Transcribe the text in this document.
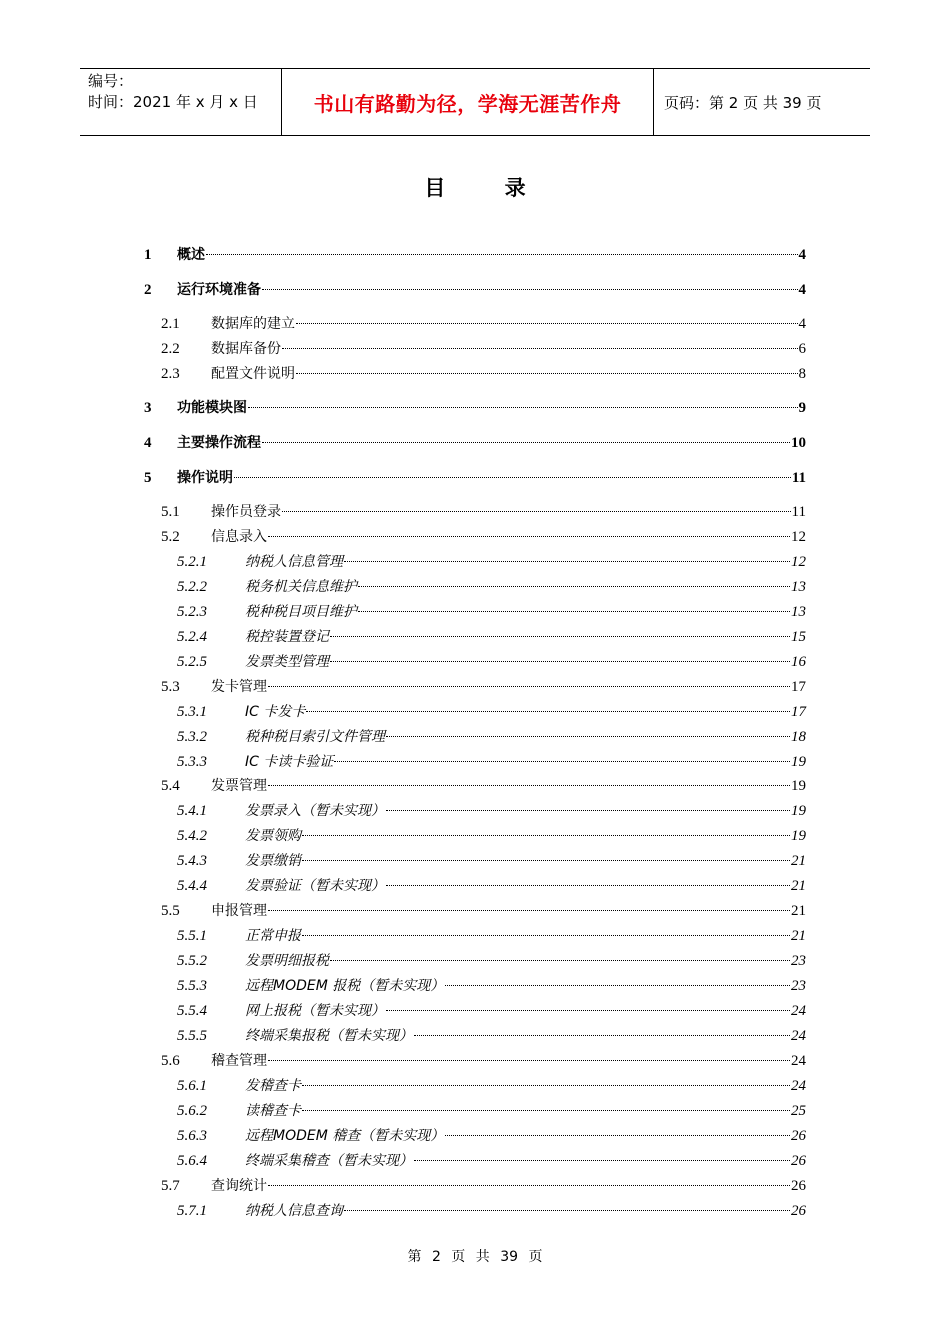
编号：
时间：2021 年 x 月 x 日	书山有路勤为径，学海无涯苦作舟	页码：第 2 页 共 39 页
目 录
1	概述	4
2	运行环境准备	4
2.1	数据库的建立	4
2.2	数据库备份	6
2.3	配置文件说明	8
3	功能模块图	9
4	主要操作流程	10
5	操作说明	11
5.1	操作员登录	11
5.2	信息录入	12
5.2.1	纳税人信息管理	12
5.2.2	税务机关信息维护	13
5.2.3	税种税目项目维护	13
5.2.4	税控装置登记	15
5.2.5	发票类型管理	16
5.3	发卡管理	17
5.3.1	IC 卡发卡	17
5.3.2	税种税目索引文件管理	18
5.3.3	IC 卡读卡验证	19
5.4	发票管理	19
5.4.1	发票录入（暂未实现）	19
5.4.2	发票领购	19
5.4.3	发票缴销	21
5.4.4	发票验证（暂未实现）	21
5.5	申报管理	21
5.5.1	正常申报	21
5.5.2	发票明细报税	23
5.5.3	远程MODEM 报税（暂未实现）	23
5.5.4	网上报税（暂未实现）	24
5.5.5	终端采集报税（暂未实现）	24
5.6	稽查管理	24
5.6.1	发稽查卡	24
5.6.2	读稽查卡	25
5.6.3	远程MODEM 稽查（暂未实现）	26
5.6.4	终端采集稽查（暂未实现）	26
5.7	查询统计	26
5.7.1	纳税人信息查询	26
第 2 页 共 39 页
